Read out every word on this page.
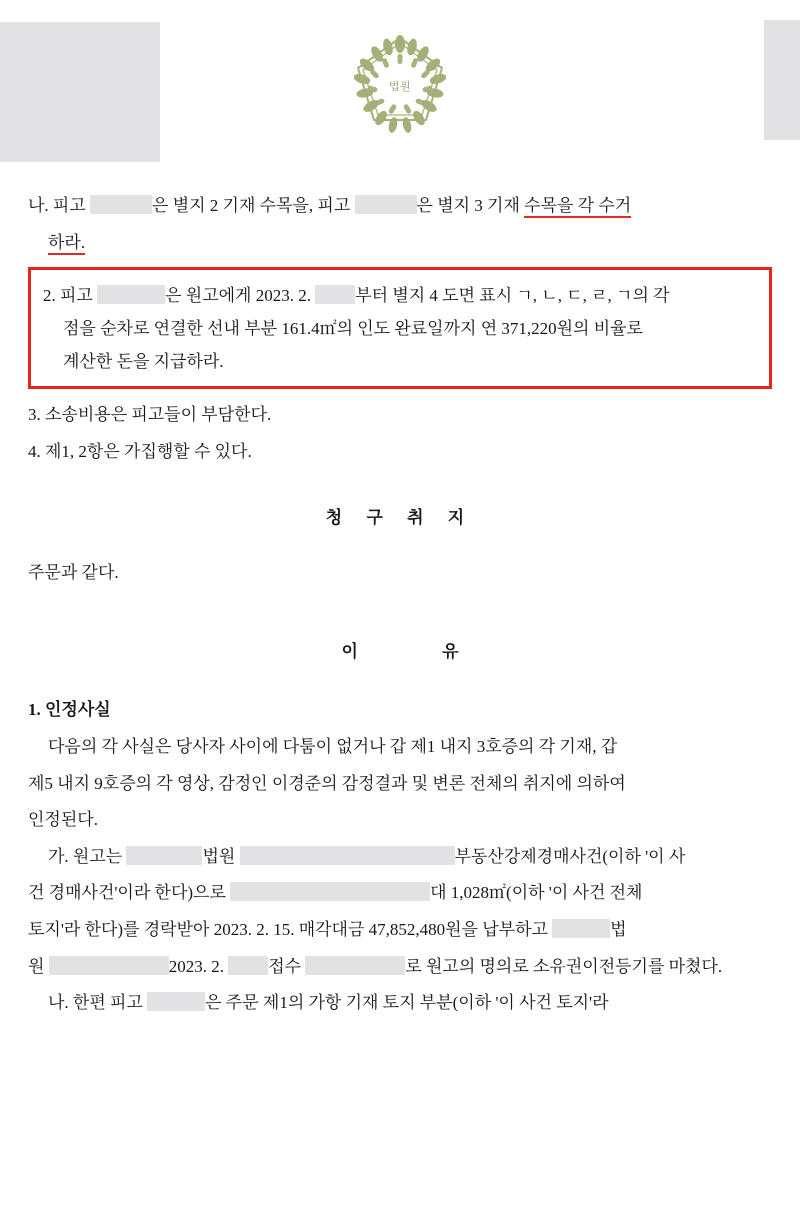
법원

나. 피고	은 별지 2 기재 수목을, 피고	은 별지 3 기재 수목을 각 수거

하라.

2. 피고	은 원고에게 2023. 2. 부터 별지 4 도면 표시 ㄱ, ㄴ, ㄷ, ㄹ, ㄱ의 각

점을 순차로 연결한 선내 부분 161.4㎡의 인도 완료일까지 연 371,220원의 비율로

계산한 돈을 지급하라.

3. 소송비용은 피고들이 부담한다.

4. 제1, 2항은 가집행할 수 있다.

청 구 취 지

주문과 같다.

이 유

1. 인정사실

다음의 각 사실은 당사자 사이에 다툼이 없거나 갑 제1 내지 3호증의 각 기재, 갑

제5 내지 9호증의 각 영상, 감정인 이경준의 감정결과 및 변론 전체의 취지에 의하여

인정된다.

가. 원고는	법원	부동산강제경매사건(이하 '이 사

건 경매사건'이라 한다)으로	대 1,028㎡(이하 '이 사건 전체

토지'라 한다)를 경락받아 2023. 2. 15. 매각대금 47,852,480원을 납부하고	법

원	2023. 2. 접수	로 원고의 명의로 소유권이전등기를 마쳤다.

나. 한편 피고	은 주문 제1의 가항 기재 토지 부분(이하 '이 사건 토지'라
